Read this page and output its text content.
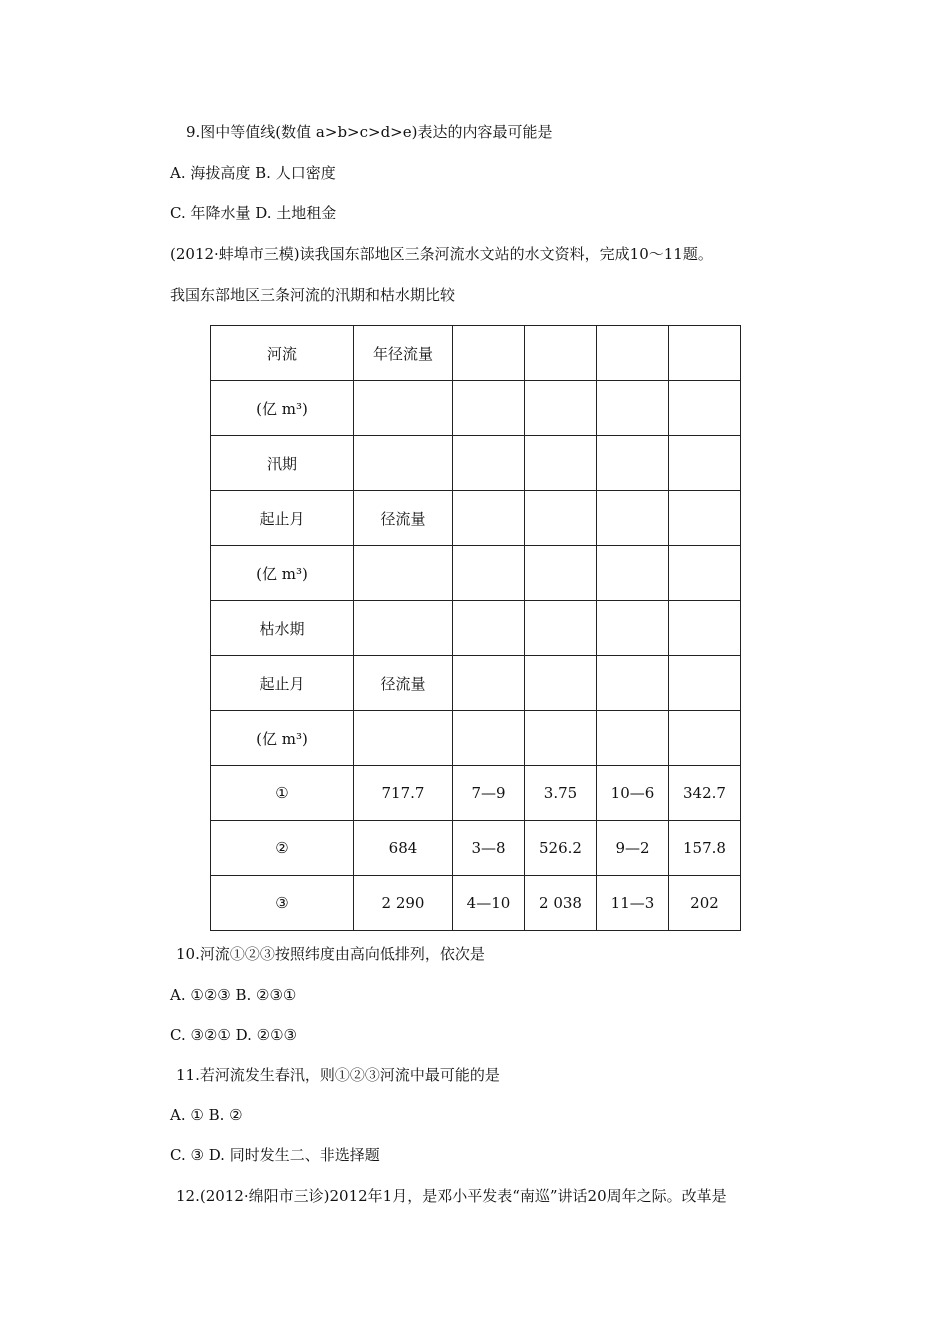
9.图中等值线(数值 a>b>c>d>e)表达的内容最可能是
A. 海拔高度 B. 人口密度
C. 年降水量 D. 土地租金
(2012·蚌埠市三模)读我国东部地区三条河流水文站的水文资料，完成10～11题。
我国东部地区三条河流的汛期和枯水期比较
河流	年径流量				
(亿 m³)					
汛期					
起止月	径流量				
(亿 m³)					
枯水期					
起止月	径流量				
(亿 m³)					
①	717.7	7—9	3.75	10—6	342.7
②	684	3—8	526.2	9—2	157.8
③	2 290	4—10	2 038	11—3	202
10.河流①②③按照纬度由高向低排列，依次是
A. ①②③ B. ②③①
C. ③②① D. ②①③
11.若河流发生春汛，则①②③河流中最可能的是
A. ① B. ②
C. ③ D. 同时发生二、非选择题
12.(2012·绵阳市三诊)2012年1月，是邓小平发表“南巡”讲话20周年之际。改革是
